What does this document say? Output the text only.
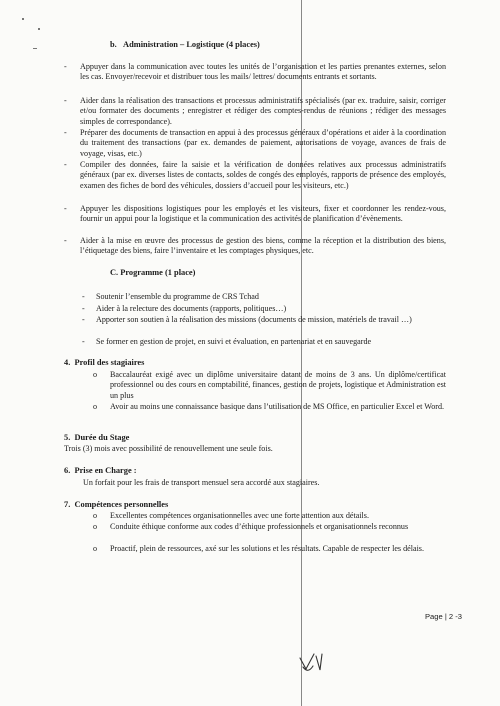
b.   Administration – Logistique (4 places)
- Appuyer dans la communication avec toutes les unités de l’organisation et les parties prenantes externes, selon les cas. Envoyer/recevoir et distribuer tous les mails/ lettres/ documents entrants et sortants.
- Aider dans la réalisation des transactions et processus administratifs spécialisés (par ex. traduire, saisir, corriger et/ou formater des documents ; enregistrer et rédiger des comptes-rendus de réunions ; rédiger des messages simples de correspondance).
- Préparer des documents de transaction en appui à des processus généraux d’opérations et aider à la coordination du traitement des transactions (par ex. demandes de paiement, autorisations de voyage, avances de frais de voyage, visas, etc.)
- Compiler des données, faire la saisie et la vérification de données relatives aux processus administratifs généraux (par ex. diverses listes de contacts, soldes de congés des employés, rapports de présence des employés, examen des fiches de bord des véhicules, dossiers d’accueil pour les visiteurs, etc.)
- Appuyer les dispositions logistiques pour les employés et les visiteurs, fixer et coordonner les rendez-vous, fournir un appui pour la logistique et la communication des activités de planification d’évènements.
- Aider à la mise en œuvre des processus de gestion des biens, comme la réception et la distribution des biens, l’étiquetage des biens, faire l’inventaire et les comptages physiques, etc.
C. Programme (1 place)
- Soutenir l’ensemble du programme de CRS Tchad
- Aider à la relecture des documents (rapports, politiques…)
- Apporter son soutien à la réalisation des missions (documents de mission, matériels de travail …)
- Se former en gestion de projet, en suivi et évaluation, en partenariat et en sauvegarde
4.  Profil des stagiaires
o Baccalauréat exigé avec un diplôme universitaire datant de moins de 3 ans. Un diplôme/certificat professionnel ou des cours en comptabilité, finances, gestion de projets, logistique et Administration est un plus
o Avoir au moins une connaissance basique dans l’utilisation de MS Office, en particulier Excel et Word.
5.  Durée du Stage
Trois (3) mois avec possibilité de renouvellement une seule fois.
6.  Prise en Charge :
Un forfait pour les frais de transport mensuel sera accordé aux stagiaires.
7.  Compétences personnelles
o Excellentes compétences organisationnelles avec une forte attention aux détails.
o Conduite éthique conforme aux codes d’éthique professionnels et organisationnels reconnus
o Proactif, plein de ressources, axé sur les solutions et les résultats. Capable de respecter les délais.
Page | 2 -3
